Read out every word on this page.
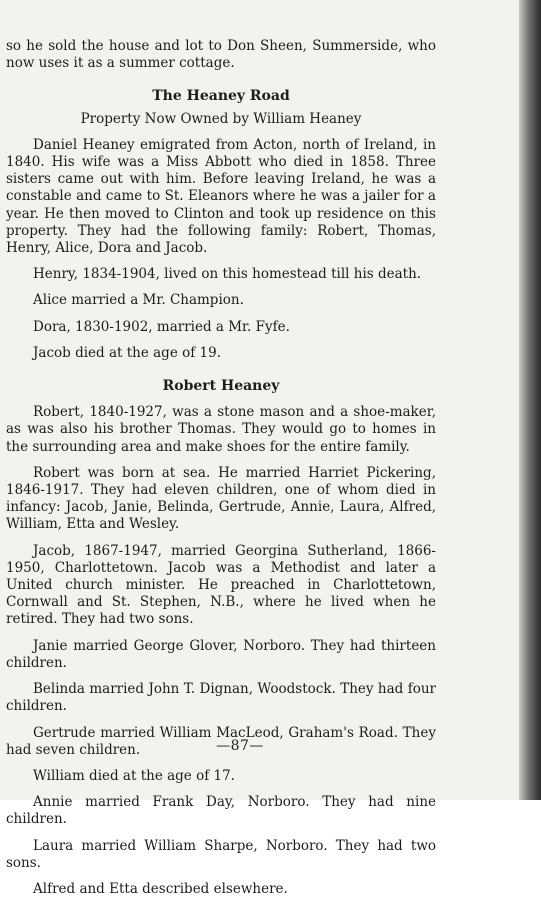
so he sold the house and lot to Don Sheen, Summerside, who now uses it as a summer cottage.

The Heaney Road

Property Now Owned by William Heaney

Daniel Heaney emigrated from Acton, north of Ireland, in 1840. His wife was a Miss Abbott who died in 1858. Three sisters came out with him. Before leaving Ireland, he was a constable and came to St. Eleanors where he was a jailer for a year. He then moved to Clinton and took up residence on this property. They had the following family: Robert, Thomas, Henry, Alice, Dora and Jacob.

Henry, 1834-1904, lived on this homestead till his death.

Alice married a Mr. Champion.

Dora, 1830-1902, married a Mr. Fyfe.

Jacob died at the age of 19.

Robert Heaney

Robert, 1840-1927, was a stone mason and a shoe-maker, as was also his brother Thomas. They would go to homes in the surrounding area and make shoes for the entire family.

Robert was born at sea. He married Harriet Pickering, 1846-1917. They had eleven children, one of whom died in infancy: Jacob, Janie, Belinda, Gertrude, Annie, Laura, Alfred, William, Etta and Wesley.

Jacob, 1867-1947, married Georgina Sutherland, 1866-1950, Charlottetown. Jacob was a Methodist and later a United church minister. He preached in Charlottetown, Cornwall and St. Stephen, N.B., where he lived when he retired. They had two sons.

Janie married George Glover, Norboro. They had thirteen children.

Belinda married John T. Dignan, Woodstock. They had four children.

Gertrude married William MacLeod, Graham's Road. They had seven children.

William died at the age of 17.

Annie married Frank Day, Norboro. They had nine children.

Laura married William Sharpe, Norboro. They had two sons.

Alfred and Etta described elsewhere.

—87—
